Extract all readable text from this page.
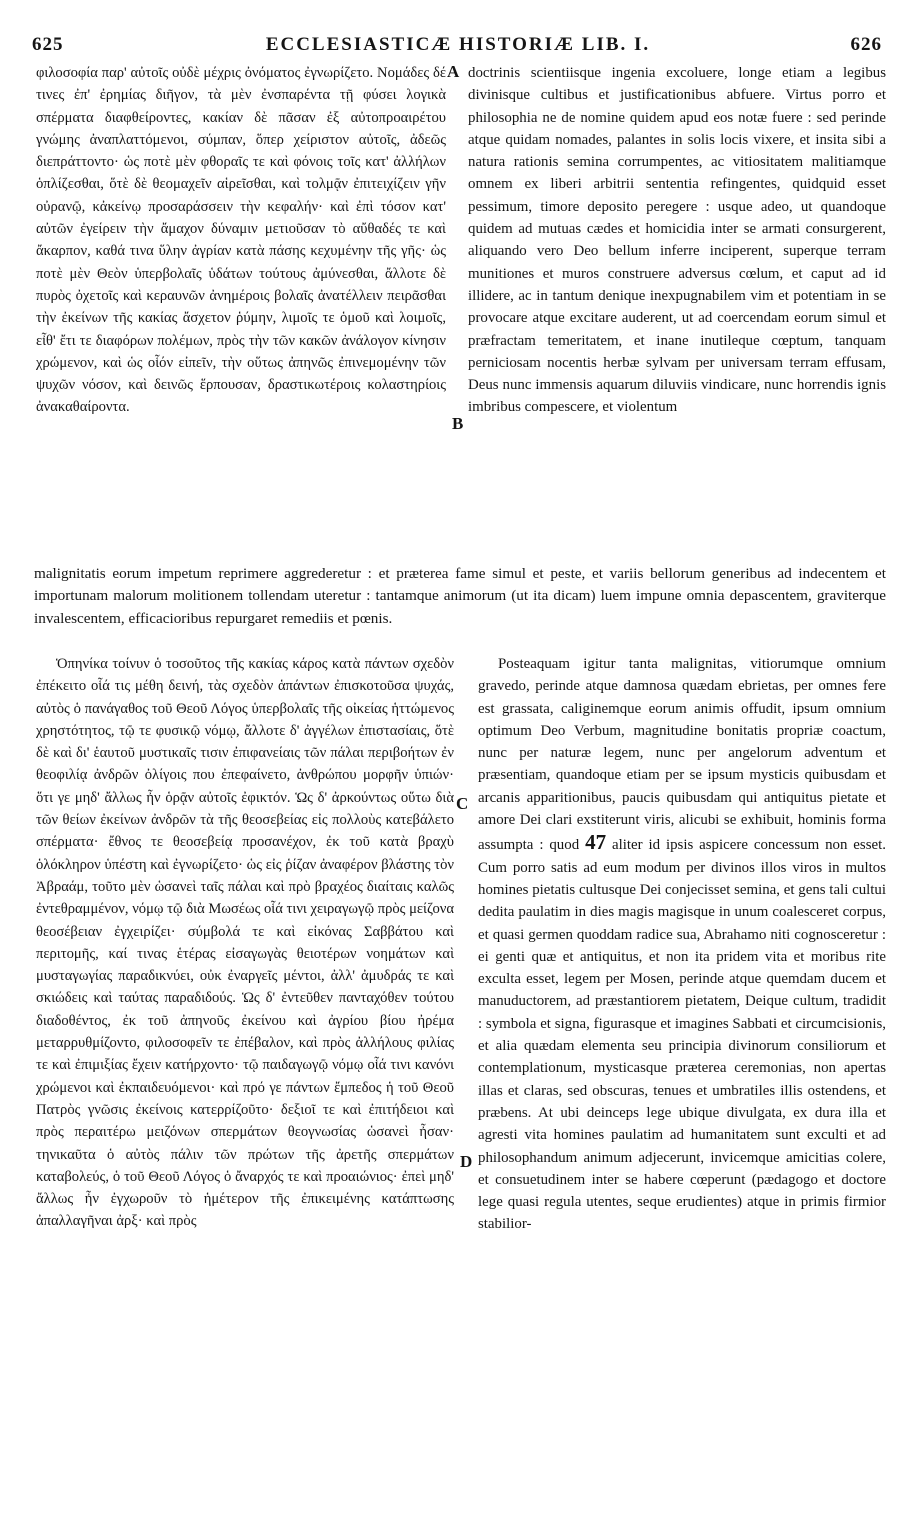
625	ECCLESIASTICÆ HISTORIÆ LIB. I.	626

φιλοσοφία παρ' αὐτοῖς οὐδὲ μέχρις ὀνόματος ἐγνωρίζετο. Νομάδες δέ τινες ἐπ' ἐρημίας διῆγον, τὰ μὲν ἐνσπαρέντα τῇ φύσει λογικὰ σπέρματα διαφθείροντες, κακίαν δὲ πᾶσαν ἐξ αὐτοπροαιρέτου γνώμης ἀναπλαττόμενοι, σύμπαν, ὅπερ χείριστον αὐτοῖς, ἀδεῶς διεπράττοντο· ὡς ποτὲ μὲν φθοραῖς τε καὶ φόνοις τοῖς κατ' ἀλλήλων ὁπλίζεσθαι, ὅτὲ δὲ θεομαχεῖν αἱρεῖσθαι, καὶ τολμᾷν ἐπιτειχίζειν γῆν οὐρανῷ, κἀκείνῳ προσαράσσειν τὴν κεφαλήν· καὶ ἐπὶ τόσον κατ' αὐτῶν ἐγείρειν τὴν ἄμαχον δύναμιν μετιοῦσαν τὸ αὔθαδές τε καὶ ἄκαρπον, καθά τινα ὕλην ἀγρίαν κατὰ πάσης κεχυμένην τῆς γῆς· ὡς ποτὲ μὲν Θεὸν ὑπερβολαῖς ὑδάτων τούτους ἀμύνεσθαι, ἄλλοτε δὲ πυρὸς ὀχετοῖς καὶ κεραυνῶν ἀνημέροις βολαῖς ἀνατέλλειν πειρᾶσθαι τὴν ἐκείνων τῆς κακίας ἄσχετον ῥύμην, λιμοῖς τε ὁμοῦ καὶ λοιμοῖς, εἶθ' ἔτι τε διαφόρων πολέμων, πρὸς τὴν τῶν κακῶν ἀνάλογον κίνησιν χρώμενον, καὶ ὡς οἷόν εἰπεῖν, τὴν οὕτως ἀπηνῶς ἐπινεμομένην τῶν ψυχῶν νόσον, καὶ δεινῶς ἕρπουσαν, δραστικωτέροις κολαστηρίοις ἀνακαθαίροντα.

doctrinis scientiisque ingenia excoluere, longe etiam a legibus divinisque cultibus et justificationibus abfuere. Virtus porro et philosophia ne de nomine quidem apud eos notæ fuere : sed perinde atque quidam nomades, palantes in solis locis vixere, et insita sibi a natura rationis semina corrumpentes, ac vitiositatem malitiamque omnem ex liberi arbitrii sententia refingentes, quidquid esset pessimum, timore deposito peregere : usque adeo, ut quandoque quidem ad mutuas cædes et homicidia inter se armati consurgerent, aliquando vero Deo bellum inferre inciperent, superque terram munitiones et muros construere adversus cœlum, et caput ad id illidere, ac in tantum denique inexpugnabilem vim et potentiam in se provocare atque excitare auderent, ut ad coercendam eorum simul et præfractam temeritatem, et inane inutileque cœptum, tanquam perniciosam nocentis herbæ sylvam per universam terram effusam, Deus nunc immensis aquarum diluviis vindicare, nunc horrendis ignis imbribus compescere, et violentum

malignitatis eorum impetum reprimere aggrederetur : et præterea fame simul et peste, et variis bellorum generibus ad indecentem et importunam malorum molitionem tollendam uteretur : tantamque animorum (ut ita dicam) luem impune omnia depascentem, graviterque invalescentem, efficacioribus repurgaret remediis et pœnis.

Ὁπηνίκα τοίνυν ὁ τοσοῦτος τῆς κακίας κάρος κατὰ πάντων σχεδὸν ἐπέκειτο οἷά τις μέθη δεινή, τὰς σχεδὸν ἁπάντων ἐπισκοτοῦσα ψυχάς, αὐτὸς ὁ πανάγαθος τοῦ Θεοῦ Λόγος ὑπερβολαῖς τῆς οἰκείας ἡττώμενος χρηστότητος, τῷ τε φυσικῷ νόμῳ, ἄλλοτε δ' ἀγγέλων ἐπιστασίαις, ὅτὲ δὲ καὶ δι' ἑαυτοῦ μυστικαῖς τισιν ἐπιφανείαις τῶν πάλαι περιβοήτων ἐν θεοφιλίᾳ ἀνδρῶν ὀλίγοις που ἐπεφαίνετο, ἀνθρώπου μορφῆν ὑπιών· ὅτι γε μηδ' ἄλλως ἦν ὁρᾷν αὐτοῖς ἐφικτόν. Ὡς δ' ἀρκούντως οὕτω διὰ τῶν θείων ἐκείνων ἀνδρῶν τὰ τῆς θεοσεβείας εἰς πολλοὺς κατεβάλετο σπέρματα· ἔθνος τε θεοσεβείᾳ προσανέχον, ἐκ τοῦ κατὰ βραχὺ ὁλόκληρον ὑπέστη καὶ ἐγνωρίζετο· ὡς εἰς ῥίζαν ἀναφέρον βλάστης τὸν Ἀβραάμ, τοῦτο μὲν ὡσανεὶ ταῖς πάλαι καὶ πρὸ βραχέος διαίταις καλῶς ἐντεθραμμένον, νόμῳ τῷ διὰ Μωσέως οἷά τινι χειραγωγῷ πρὸς μείζονα θεοσέβειαν ἐγχειρίζει· σύμβολά τε καὶ εἰκόνας Σαββάτου καὶ περιτομῆς, καί τινας ἑτέρας εἰσαγωγὰς θειοτέρων νοημάτων καὶ μυσταγωγίας παραδικνύει, οὐκ ἐναργεῖς μέντοι, ἀλλ' ἀμυδράς τε καὶ σκιώδεις καὶ ταύτας παραδιδούς. Ὡς δ' ἐντεῦθεν πανταχόθεν τούτου διαδοθέντος, ἐκ τοῦ ἀπηνοῦς ἐκείνου καὶ ἀγρίου βίου ἠρέμα μεταρρυθμίζοντο, φιλοσοφεῖν τε ἐπέβαλον, καὶ πρὸς ἀλλήλους φιλίας τε καὶ ἐπιμιξίας ἔχειν κατήρχοντο· τῷ παιδαγωγῷ νόμῳ οἷά τινι κανόνι χρώμενοι καὶ ἐκπαιδευόμενοι· καὶ πρό γε πάντων ἔμπεδος ἡ τοῦ Θεοῦ Πατρὸς γνῶσις ἐκείνοις κατερρίζοῦτο· δεξιοῖ τε καὶ ἐπιτήδειοι καὶ πρὸς περαιτέρω μειζόνων σπερμάτων θεογνωσίας ὡσανεὶ ἦσαν· τηνικαῦτα ὁ αὐτὸς πάλιν τῶν πρώτων τῆς ἀρετῆς σπερμάτων καταβολεύς, ὁ τοῦ Θεοῦ Λόγος ὁ ἄναρχός τε καὶ προαιώνιος· ἐπεὶ μηδ' ἄλλως ἦν ἐγχωροῦν τὸ ἡμέτερον τῆς ἐπικειμένης κατάπτωσης ἀπαλλαγῆναι ἀρξ· καὶ πρὸς

Posteaquam igitur tanta malignitas, vitiorumque omnium gravedo, perinde atque damnosa quædam ebrietas, per omnes fere est grassata, caliginemque eorum animis offudit, ipsum omnium optimum Deo Verbum, magnitudine bonitatis propriæ coactum, nunc per naturæ legem, nunc per angelorum adventum et præsentiam, quandoque etiam per se ipsum mysticis quibusdam et arcanis apparitionibus, paucis quibusdam qui antiquitus pietate et amore Dei clari exstiterunt viris, alicubi se exhibuit, hominis forma assumpta : quod 47 aliter id ipsis aspicere concessum non esset. Cum porro satis ad eum modum per divinos illos viros in multos homines pietatis cultusque Dei conjecisset semina, et gens tali cultui dedita paulatim in dies magis magisque in unum coalesceret corpus, et quasi germen quoddam radice sua, Abrahamo niti cognosceretur : ei genti quæ et antiquitus, et non ita pridem vita et moribus rite exculta esset, legem per Mosen, perinde atque quemdam ducem et manuductorem, ad præstantiorem pietatem, Deique cultum, tradidit : symbola et signa, figurasque et imagines Sabbati et circumcisionis, et alia quædam elementa seu principia divinorum consiliorum et contemplationum, mysticasque præterea ceremonias, non apertas illas et claras, sed obscuras, tenues et umbratiles illis ostendens, et præbens. At ubi deinceps lege ubique divulgata, ex dura illa et agresti vita homines paulatim ad humanitatem sunt exculti et ad philosophandum animum adjecerunt, invicemque amicitias colere, et consuetudinem inter se habere cœperunt (pædagogo et doctore lege quasi regula utentes, seque erudientes) atque in primis firmior stabilior-

A
B
C
D
